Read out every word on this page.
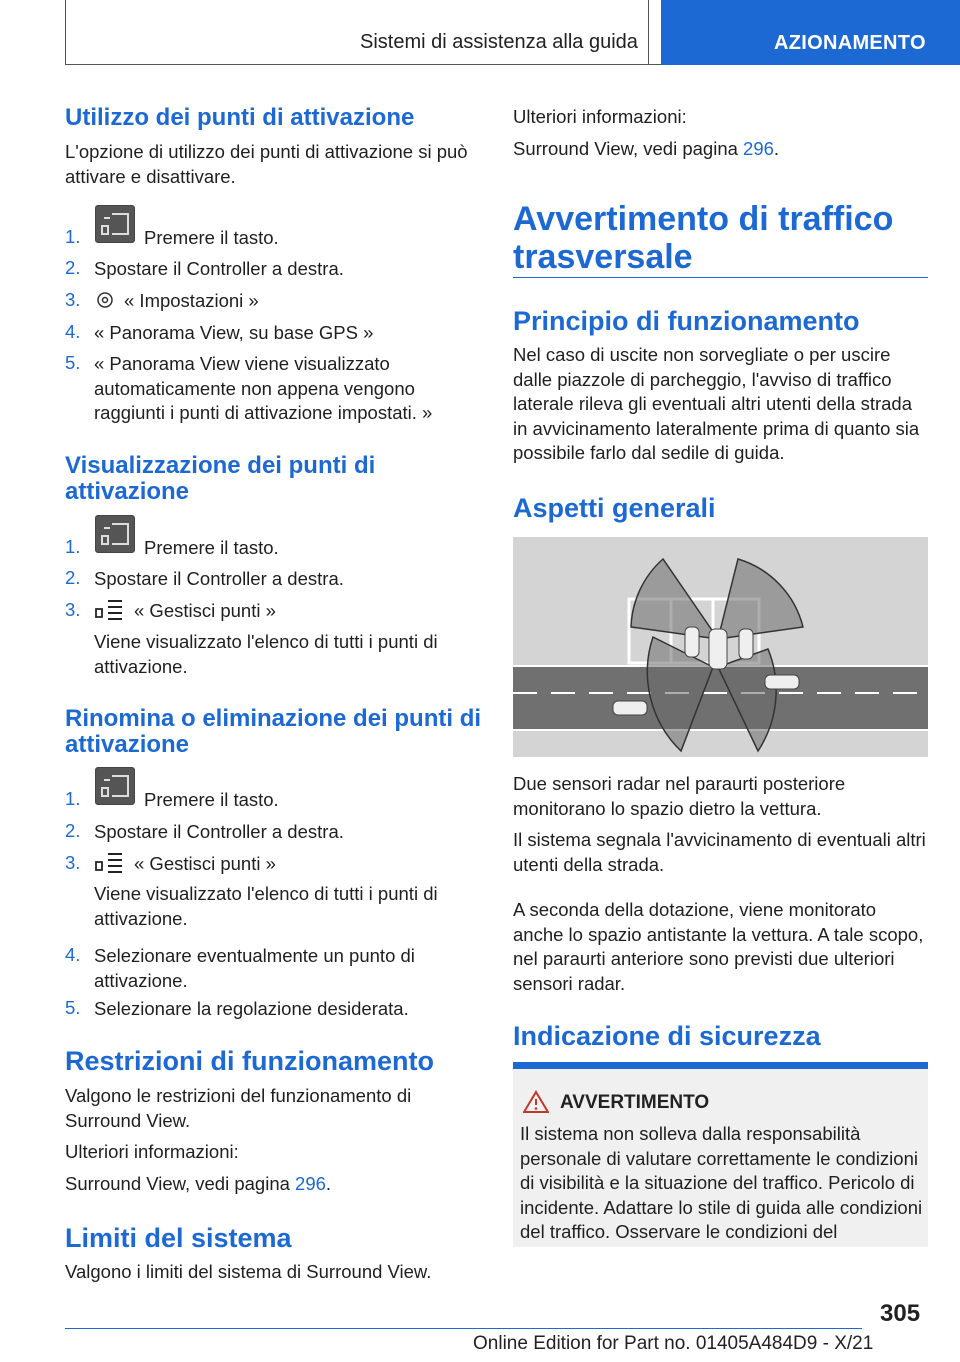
Sistemi di assistenza alla guida	AZIONAMENTO
Utilizzo dei punti di attivazione

L'opzione di utilizzo dei punti di attivazione si può attivare e disattivare.

1.	Premere il tasto.
2. Spostare il Controller a destra.
3. « Impostazioni »
4. « Panorama View, su base GPS »
5. « Panorama View viene visualizzato automaticamente non appena vengono raggiunti i punti di attivazione impostati. »
Visualizzazione dei punti di attivazione
1.	Premere il tasto.
2. Spostare il Controller a destra.
3.	« Gestisci punti »

Viene visualizzato l'elenco di tutti i punti di attivazione.

Rinomina o eliminazione dei punti di attivazione
1.	Premere il tasto.
2. Spostare il Controller a destra.
3.	« Gestisci punti »

Viene visualizzato l'elenco di tutti i punti di attivazione.

4. Selezionare eventualmente un punto di attivazione.
5. Selezionare la regolazione desiderata.
Restrizioni di funzionamento

Valgono le restrizioni del funzionamento di Surround View.

Ulteriori informazioni:

Surround View, vedi pagina 296.

Limiti del sistema

Valgono i limiti del sistema di Surround View.

Ulteriori informazioni:

Surround View, vedi pagina 296.

Avvertimento di traffico trasversale
Principio di funzionamento

Nel caso di uscite non sorvegliate o per uscire dalle piazzole di parcheggio, l'avviso di traffico laterale rileva gli eventuali altri utenti della strada in avvicinamento lateralmente prima di quanto sia possibile farlo dal sedile di guida.

Aspetti generali

Due sensori radar nel paraurti posteriore monitorano lo spazio dietro la vettura.

Il sistema segnala l'avvicinamento di eventuali altri utenti della strada.

A seconda della dotazione, viene monitorato anche lo spazio antistante la vettura. A tale scopo, nel paraurti anteriore sono previsti due ulteriori sensori radar.

Indicazione di sicurezza
AVVERTIMENTO

Il sistema non solleva dalla responsabilità personale di valutare correttamente le condizioni di visibilità e la situazione del traffico. Pericolo di incidente. Adattare lo stile di guida alle condizioni del traffico. Osservare le condizioni del

305
Online Edition for Part no. 01405A484D9 - X/21
